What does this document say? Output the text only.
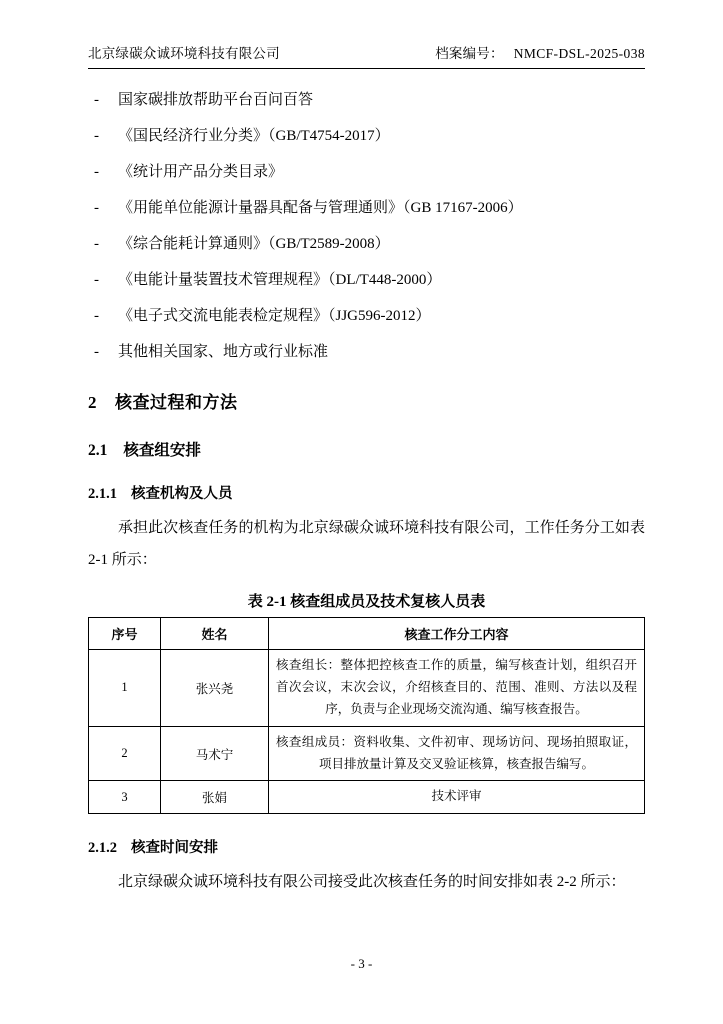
北京绿碳众诚环境科技有限公司	档案编号： NMCF-DSL-2025-038
-	国家碳排放帮助平台百问百答
-	《国民经济行业分类》（GB/T4754-2017）
-	《统计用产品分类目录》
-	《用能单位能源计量器具配备与管理通则》（GB 17167-2006）
-	《综合能耗计算通则》（GB/T2589-2008）
-	《电能计量装置技术管理规程》（DL/T448-2000）
-	《电子式交流电能表检定规程》（JJG596-2012）
-	其他相关国家、地方或行业标准
2 核查过程和方法
2.1 核查组安排
2.1.1 核查机构及人员

承担此次核查任务的机构为北京绿碳众诚环境科技有限公司，工作任务分工如表 2-1 所示：

表 2-1 核查组成员及技术复核人员表
序号	姓名	核查工作分工内容
1	张兴尧	核查组长：整体把控核查工作的质量，编写核查计划，组织召开首次会议，末次会议，介绍核查目的、范围、准则、方法以及程序，负责与企业现场交流沟通、编写核查报告。
2	马术宁	核查组成员：资料收集、文件初审、现场访问、现场拍照取证，项目排放量计算及交叉验证核算，核查报告编写。
3	张娟	技术评审
2.1.2 核查时间安排

北京绿碳众诚环境科技有限公司接受此次核查任务的时间安排如表 2-2 所示：

- 3 -
